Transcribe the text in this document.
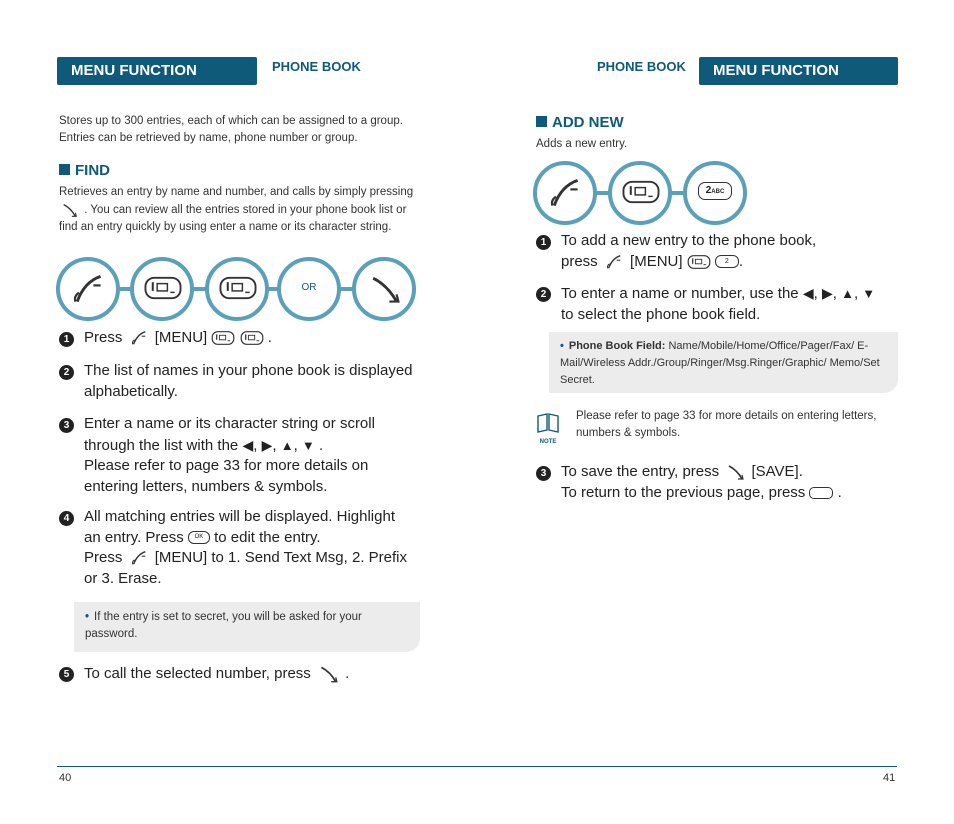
MENU FUNCTION	PHONE BOOK
Stores up to 300 entries, each of which can be assigned to a group. Entries can be retrieved by name, phone number or group.
FIND
Retrieves an entry by name and number, and calls by simply pressing  . You can review all the entries stored in your phone book list or find an entry quickly by using enter a name or its character string.
OR
1 Press [MENU]	.
2 The list of names in your phone book is displayed alphabetically.
3 Enter a name or its character string or scroll through the list with the ◀, ▶, ▲, ▼ .
Please refer to page 33 for more details on entering letters, numbers & symbols.
4 All matching entries will be displayed. Highlight an entry. Press OK to edit the entry.
Press [MENU] to 1. Send Text Msg, 2. Prefix or 3. Erase.
• If the entry is set to secret, you will be asked for your password.
5 To call the selected number, press .
40
PHONE BOOK	MENU FUNCTION
ADD NEW
Adds a new entry.
2ABC
1 To add a new entry to the phone book,
press [MENU]	2 .
2 To enter a name or number, use the ◀, ▶, ▲, ▼
to select the phone book field.
• Phone Book Field: Name/Mobile/Home/Office/Pager/Fax/ E-Mail/Wireless Addr./Group/Ringer/Msg.Ringer/Graphic/ Memo/Set Secret.
NOTE
Please refer to page 33 for more details on entering letters, numbers & symbols.
3 To save the entry, press [SAVE].
To return to the previous page, press .
41
